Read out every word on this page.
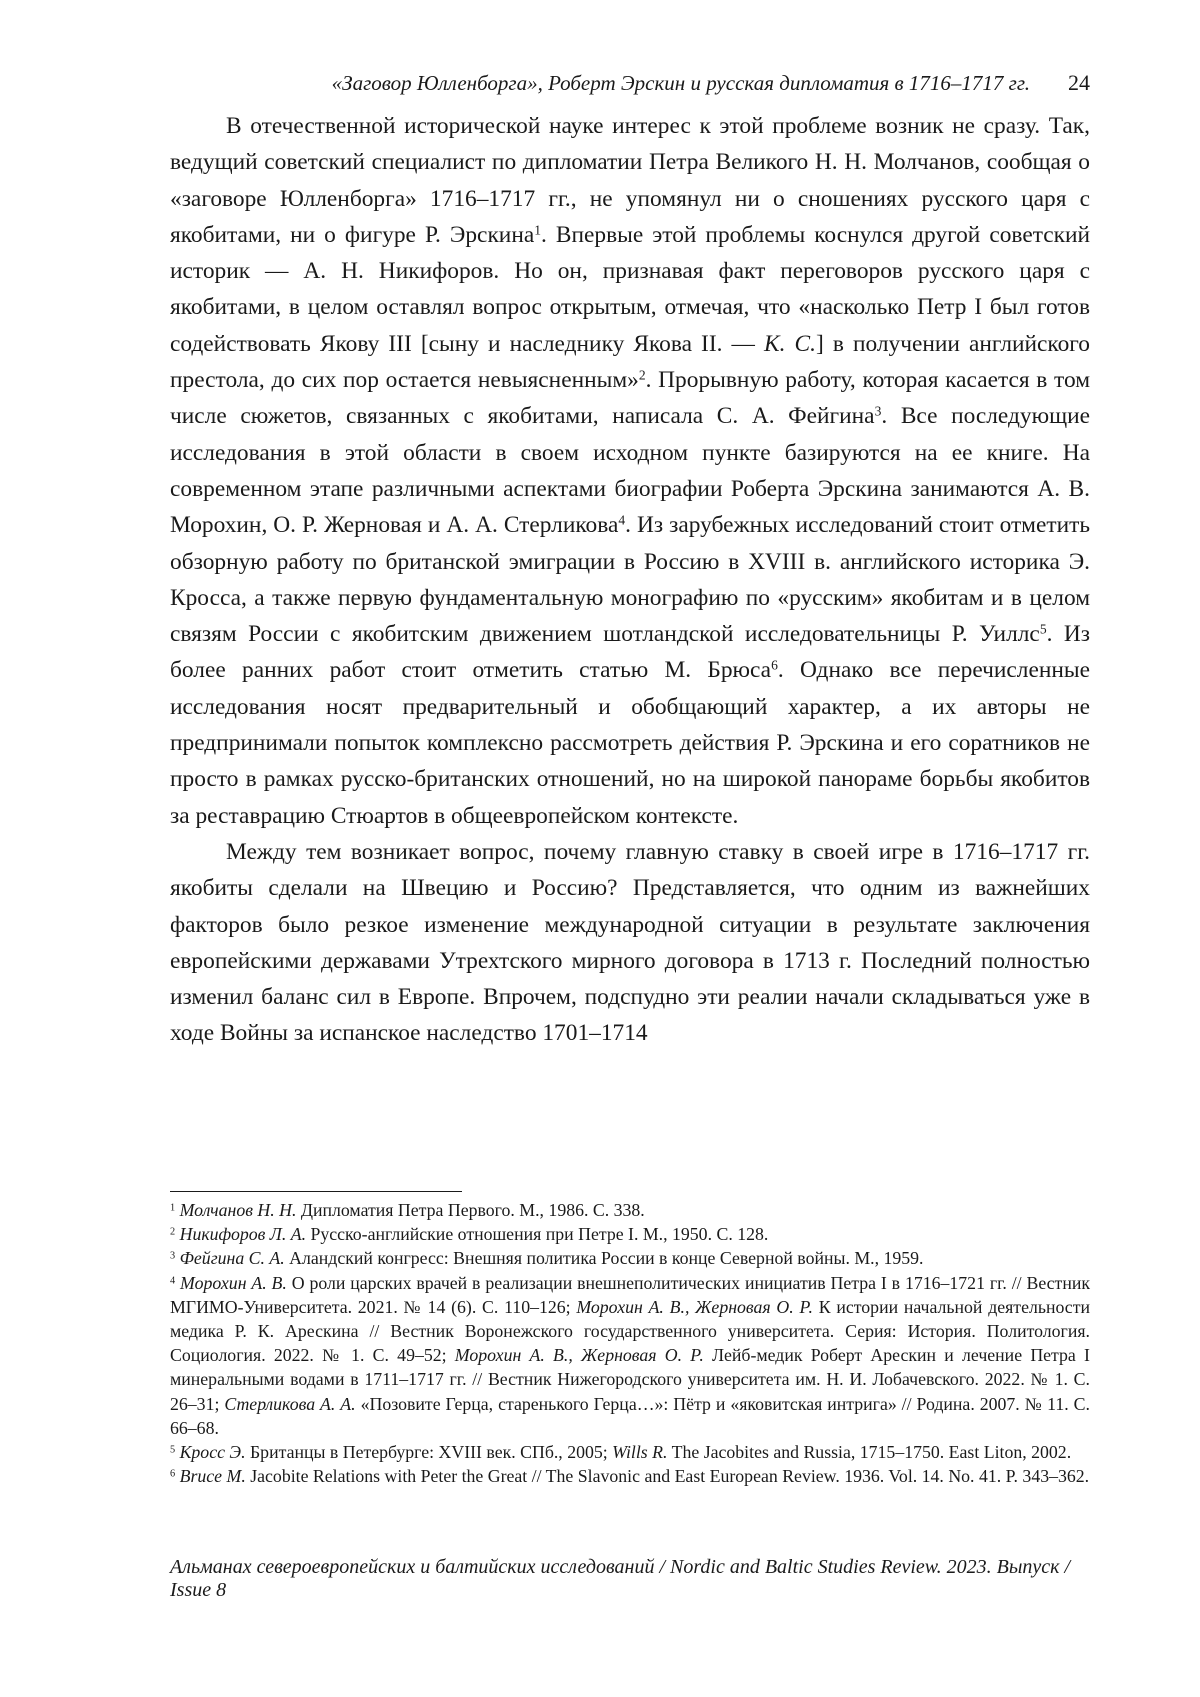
«Заговор Юлленборга», Роберт Эрскин и русская дипломатия в 1716–1717 гг. 24

В отечественной исторической науке интерес к этой проблеме возник не сразу. Так, ведущий советский специалист по дипломатии Петра Великого Н. Н. Молчанов, сообщая о «заговоре Юлленборга» 1716–1717 гг., не упомянул ни о сношениях русского царя с якобитами, ни о фигуре Р. Эрскина$^1$. Впервые этой проблемы коснулся другой советский историк — А. Н. Никифоров. Но он, признавая факт переговоров русского царя с якобитами, в целом оставлял вопрос открытым, отмечая, что «насколько Петр I был готов содействовать Якову III [сыну и наследнику Якова II. — К. С.] в получении английского престола, до сих пор остается невыясненным»$^2$. Прорывную работу, которая касается в том числе сюжетов, связанных с якобитами, написала С. А. Фейгина$^3$. Все последующие исследования в этой области в своем исходном пункте базируются на ее книге. На современном этапе различными аспектами биографии Роберта Эрскина занимаются А. В. Морохин, О. Р. Жерновая и А. А. Стерликова$^4$. Из зарубежных исследований стоит отметить обзорную работу по британской эмиграции в Россию в XVIII в. английского историка Э. Кросса, а также первую фундаментальную монографию по «русским» якобитам и в целом связям России с якобитским движением шотландской исследовательницы Р. Уиллс$^5$. Из более ранних работ стоит отметить статью М. Брюса$^6$. Однако все перечисленные исследования носят предварительный и обобщающий характер, а их авторы не предпринимали попыток комплексно рассмотреть действия Р. Эрскина и его соратников не просто в рамках русско-британских отношений, но на широкой панораме борьбы якобитов за реставрацию Стюартов в общеевропейском контексте.

Между тем возникает вопрос, почему главную ставку в своей игре в 1716–1717 гг. якобиты сделали на Швецию и Россию? Представляется, что одним из важнейших факторов было резкое изменение международной ситуации в результате заключения европейскими державами Утрехтского мирного договора в 1713 г. Последний полностью изменил баланс сил в Европе. Впрочем, подспудно эти реалии начали складываться уже в ходе Войны за испанское наследство 1701–1714

$^1$ Молчанов Н. Н. Дипломатия Петра Первого. М., 1986. С. 338.

$^2$ Никифоров Л. А. Русско-английские отношения при Петре I. М., 1950. С. 128.

$^3$ Фейгина С. А. Аландский конгресс: Внешняя политика России в конце Северной войны. М., 1959.

$^4$ Морохин А. В. О роли царских врачей в реализации внешнеполитических инициатив Петра I в 1716–1721 гг. // Вестник МГИМО-Университета. 2021. № 14 (6). С. 110–126; Морохин А. В., Жерновая О. Р. К истории начальной деятельности медика Р. К. Арескина // Вестник Воронежского государственного университета. Серия: История. Политология. Социология. 2022. № 1. С. 49–52; Морохин А. В., Жерновая О. Р. Лейб-медик Роберт Арескин и лечение Петра I минеральными водами в 1711–1717 гг. // Вестник Нижегородского университета им. Н. И. Лобачевского. 2022. № 1. С. 26–31; Стерликова А. А. «Позовите Герца, старенького Герца…»: Пётр и «яковитская интрига» // Родина. 2007. № 11. С. 66–68.

$^5$ Кросс Э. Британцы в Петербурге: XVIII век. СПб., 2005; Wills R. The Jacobites and Russia, 1715–1750. East Liton, 2002.

$^6$ Bruce M. Jacobite Relations with Peter the Great // The Slavonic and East European Review. 1936. Vol. 14. No. 41. P. 343–362.

Альманах североевропейских и балтийских исследований / Nordic and Baltic Studies Review. 2023. Выпуск / Issue 8
